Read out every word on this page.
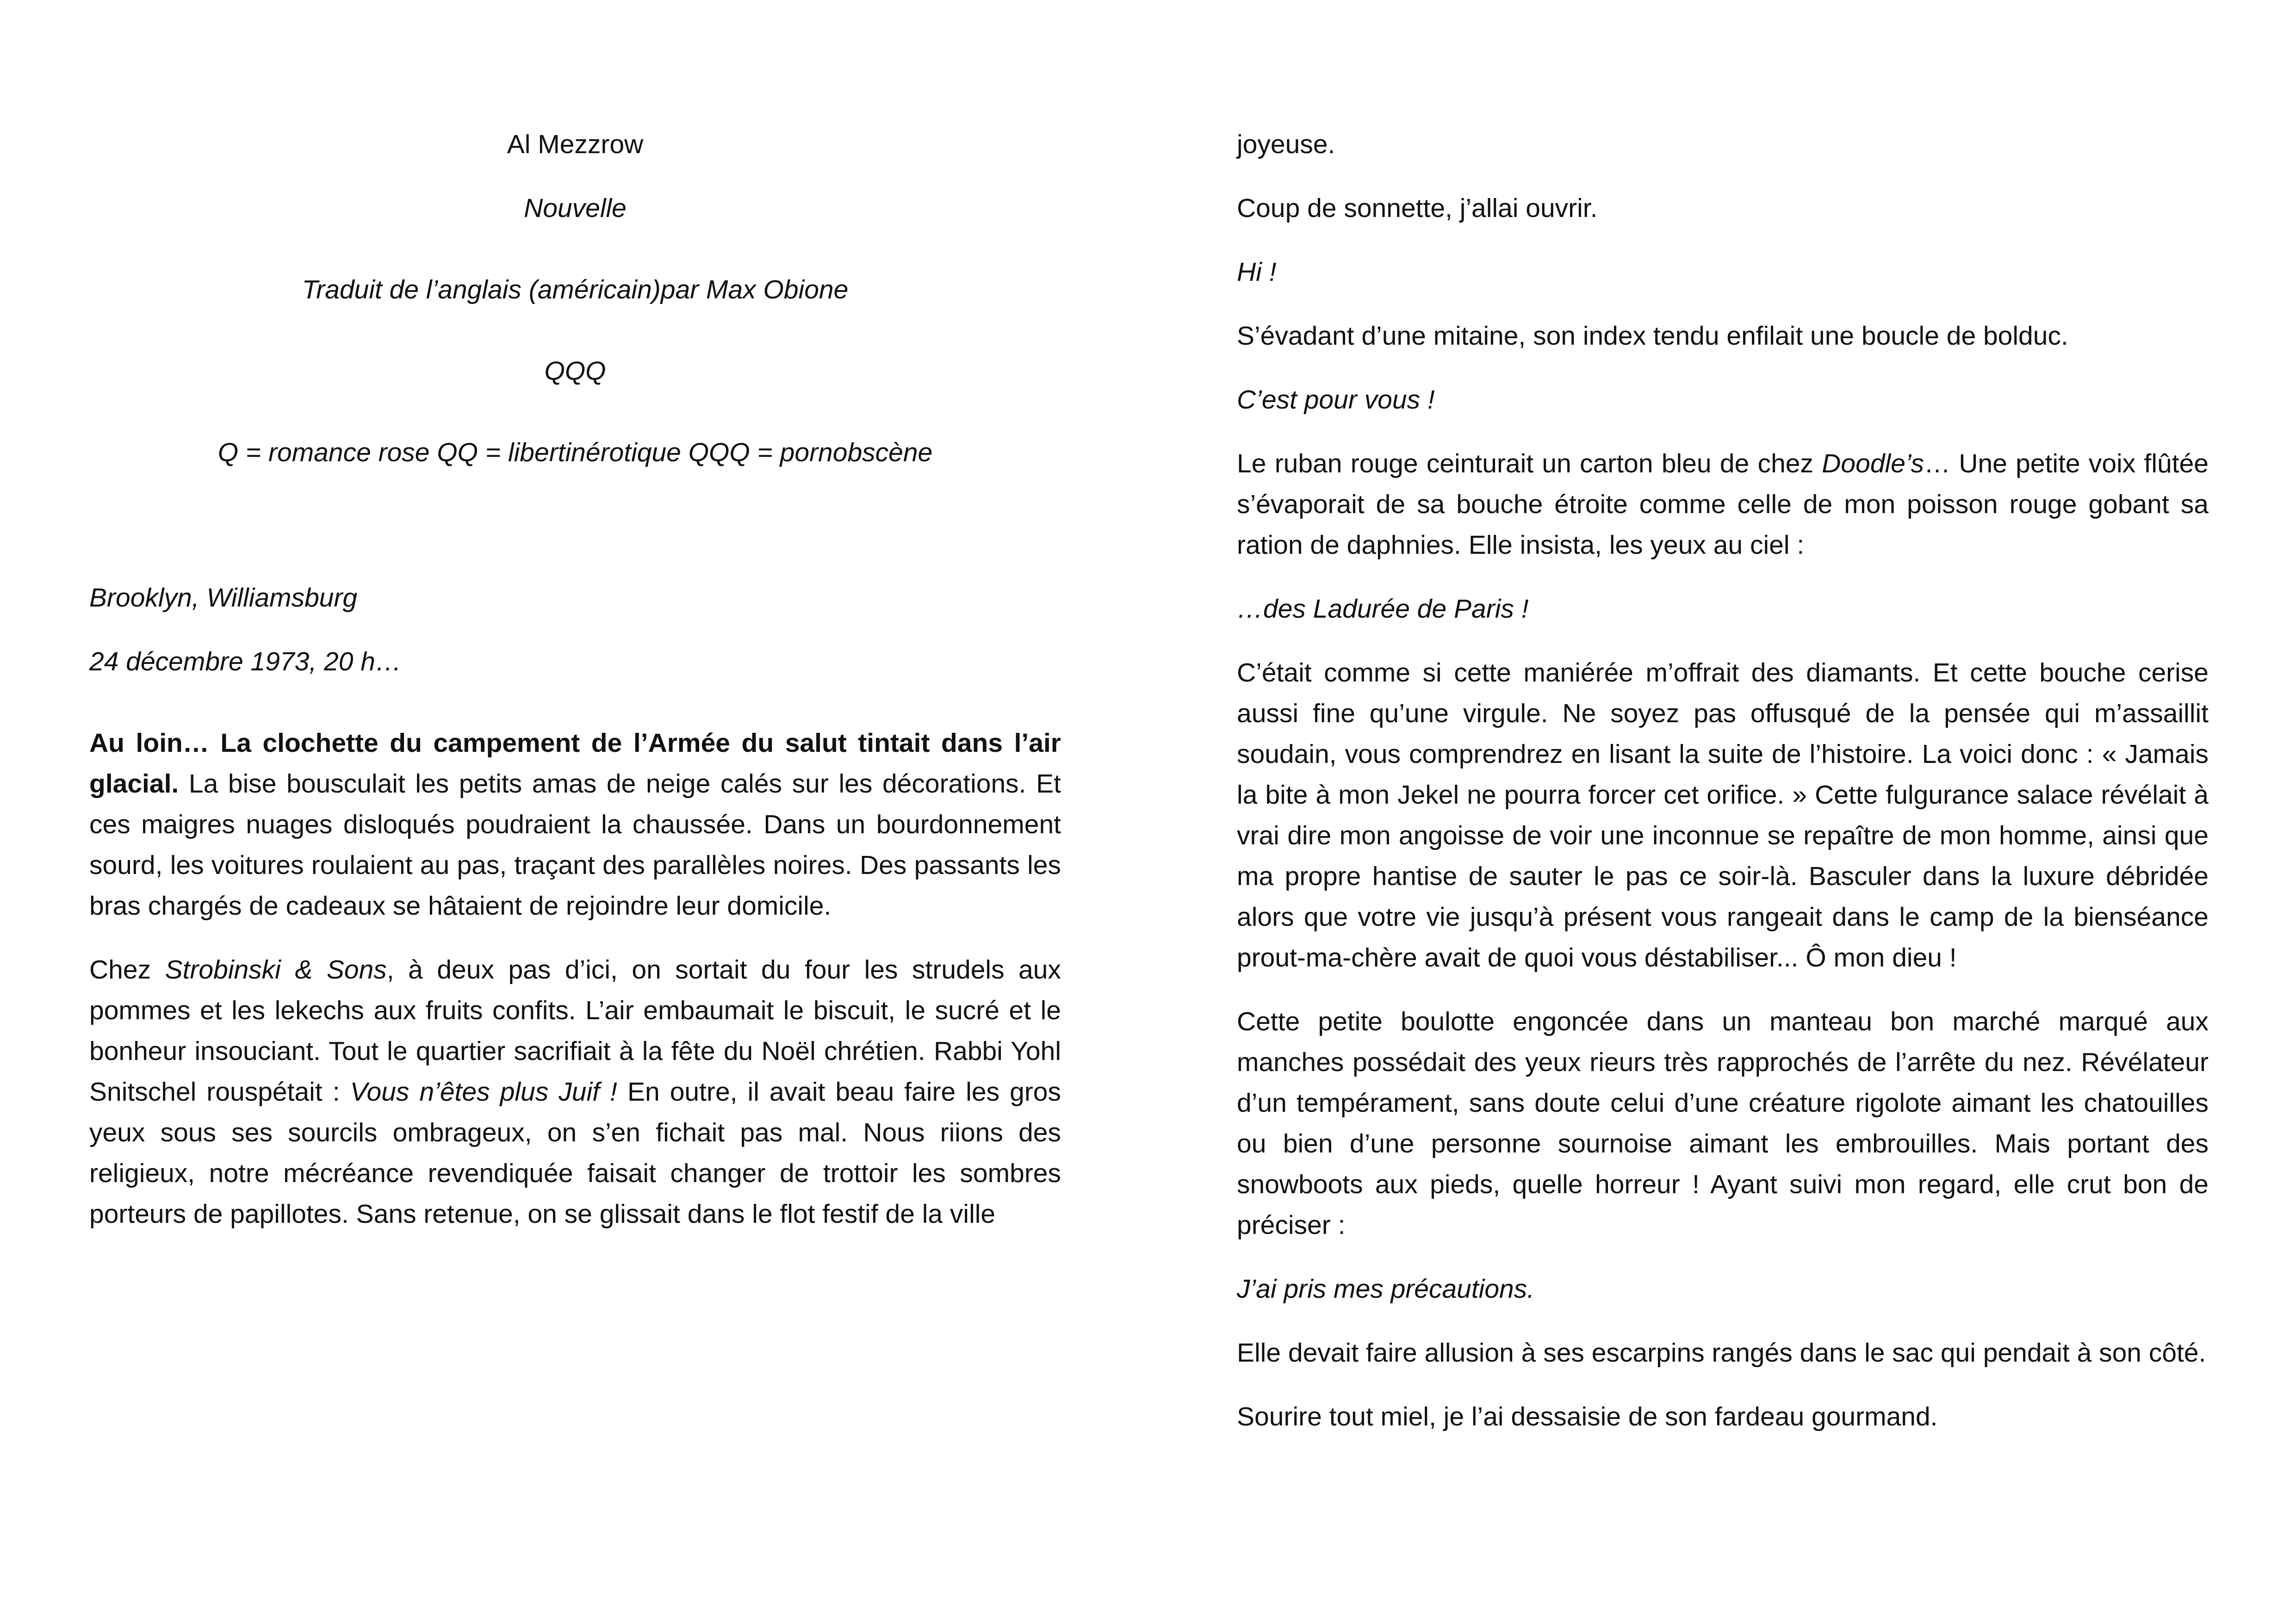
Al Mezzrow

Nouvelle

Traduit de l’anglais (américain)par Max Obione

QQQ

Q = romance rose QQ = libertinérotique QQQ = pornobscène

Brooklyn, Williamsburg

24 décembre 1973, 20 h…

Au loin… La clochette du campement de l’Armée du salut tintait dans l’air glacial. La bise bousculait les petits amas de neige calés sur les décorations. Et ces maigres nuages disloqués poudraient la chaussée. Dans un bourdonnement sourd, les voitures roulaient au pas, traçant des parallèles noires. Des passants les bras chargés de cadeaux se hâtaient de rejoindre leur domicile.

Chez Strobinski & Sons, à deux pas d’ici, on sortait du four les strudels aux pommes et les lekechs aux fruits confits. L’air embaumait le biscuit, le sucré et le bonheur insouciant. Tout le quartier sacrifiait à la fête du Noël chrétien. Rabbi Yohl Snitschel rouspétait : Vous n’êtes plus Juif ! En outre, il avait beau faire les gros yeux sous ses sourcils ombrageux, on s’en fichait pas mal. Nous riions des religieux, notre mécréance revendiquée faisait changer de trottoir les sombres porteurs de papillotes. Sans retenue, on se glissait dans le flot festif de la ville

joyeuse.

Coup de sonnette, j’allai ouvrir.

Hi !

S’évadant d’une mitaine, son index tendu enfilait une boucle de bolduc.

C’est pour vous !

Le ruban rouge ceinturait un carton bleu de chez Doodle’s… Une petite voix flûtée s’évaporait de sa bouche étroite comme celle de mon poisson rouge gobant sa ration de daphnies. Elle insista, les yeux au ciel :

…des Ladurée de Paris !

C’était comme si cette maniérée m’offrait des diamants. Et cette bouche cerise aussi fine qu’une virgule. Ne soyez pas offusqué de la pensée qui m’assaillit soudain, vous comprendrez en lisant la suite de l’histoire. La voici donc : « Jamais la bite à mon Jekel ne pourra forcer cet orifice. » Cette fulgurance salace révélait à vrai dire mon angoisse de voir une inconnue se repaître de mon homme, ainsi que ma propre hantise de sauter le pas ce soir-là. Basculer dans la luxure débridée alors que votre vie jusqu’à présent vous rangeait dans le camp de la bienséance prout-ma-chère avait de quoi vous déstabiliser... Ô mon dieu !

Cette petite boulotte engoncée dans un manteau bon marché marqué aux manches possédait des yeux rieurs très rapprochés de l’arrête du nez. Révélateur d’un tempérament, sans doute celui d’une créature rigolote aimant les chatouilles ou bien d’une personne sournoise aimant les embrouilles. Mais portant des snowboots aux pieds, quelle horreur ! Ayant suivi mon regard, elle crut bon de préciser :

J’ai pris mes précautions.

Elle devait faire allusion à ses escarpins rangés dans le sac qui pendait à son côté.

Sourire tout miel, je l’ai dessaisie de son fardeau gourmand.
